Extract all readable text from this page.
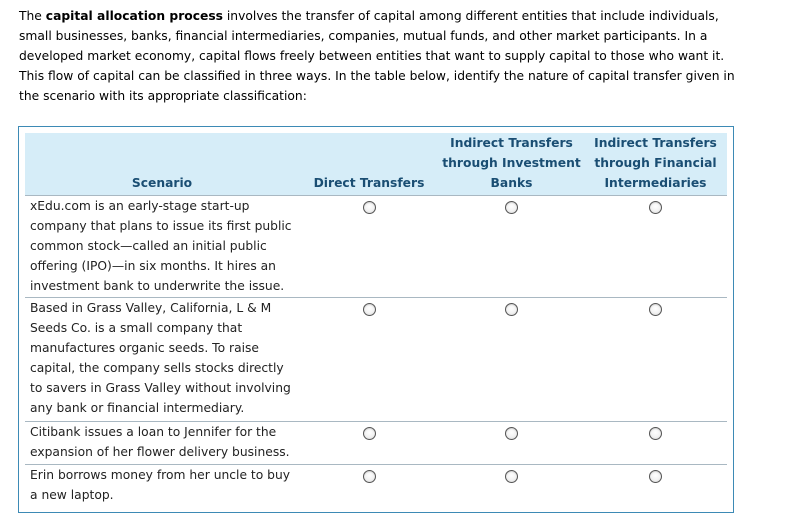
The capital allocation process involves the transfer of capital among different entities that include individuals, small businesses, banks, financial intermediaries, companies, mutual funds, and other market participants. In a developed market economy, capital flows freely between entities that want to supply capital to those who want it. This flow of capital can be classified in three ways. In the table below, identify the nature of capital transfer given in the scenario with its appropriate classification:

Scenario	Direct Transfers	Indirect Transfers through Investment Banks	Indirect Transfers through Financial Intermediaries
xEdu.com is an early-stage start-up company that plans to issue its first public common stock—called an initial public offering (IPO)—in six months. It hires an investment bank to underwrite the issue.			
Based in Grass Valley, California, L & M Seeds Co. is a small company that manufactures organic seeds. To raise capital, the company sells stocks directly to savers in Grass Valley without involving any bank or financial intermediary.			
Citibank issues a loan to Jennifer for the expansion of her flower delivery business.			
Erin borrows money from her uncle to buy a new laptop.			
